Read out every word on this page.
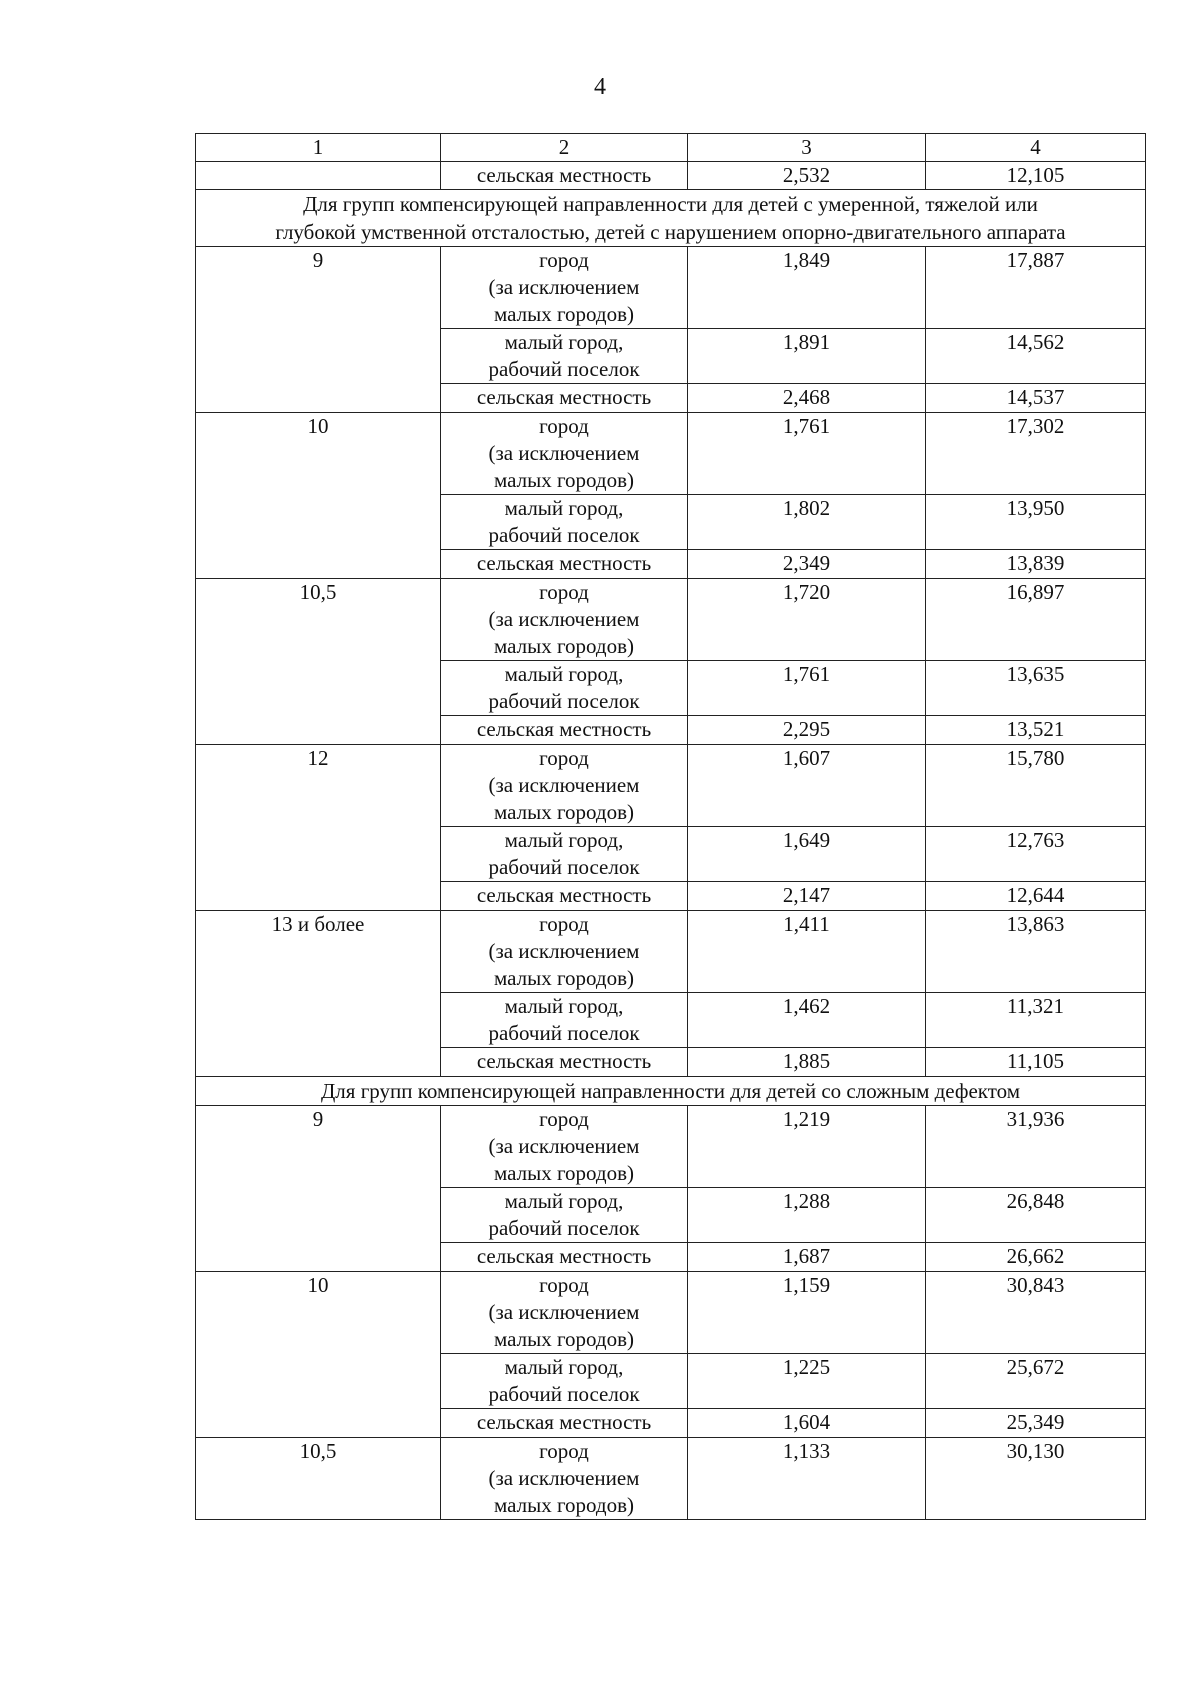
4
1	2	3	4
	сельская местность	2,532	12,105

Для групп компенсирующей направленности для детей с умеренной, тяжелой или
глубокой умственной отсталостью, детей с нарушением опорно-двигательного аппарата			

9	город
(за исключением
малых городов)	1,849	17,887

	малый город,
рабочий поселок	1,891	14,562

	сельская местность	2,468	14,537
10	город
(за исключением
малых городов)	1,761	17,302

	малый город,
рабочий поселок	1,802	13,950

	сельская местность	2,349	13,839
10,5	город
(за исключением
малых городов)	1,720	16,897

	малый город,
рабочий поселок	1,761	13,635

	сельская местность	2,295	13,521
12	город
(за исключением
малых городов)	1,607	15,780

	малый город,
рабочий поселок	1,649	12,763

	сельская местность	2,147	12,644
13 и более	город
(за исключением
малых городов)	1,411	13,863

	малый город,
рабочий поселок	1,462	11,321

	сельская местность	1,885	11,105

Для групп компенсирующей направленности для детей со сложным дефектом			

9	город
(за исключением
малых городов)	1,219	31,936

	малый город,
рабочий поселок	1,288	26,848

	сельская местность	1,687	26,662
10	город
(за исключением
малых городов)	1,159	30,843

	малый город,
рабочий поселок	1,225	25,672

	сельская местность	1,604	25,349
10,5	город
(за исключением
малых городов)	1,133	30,130
